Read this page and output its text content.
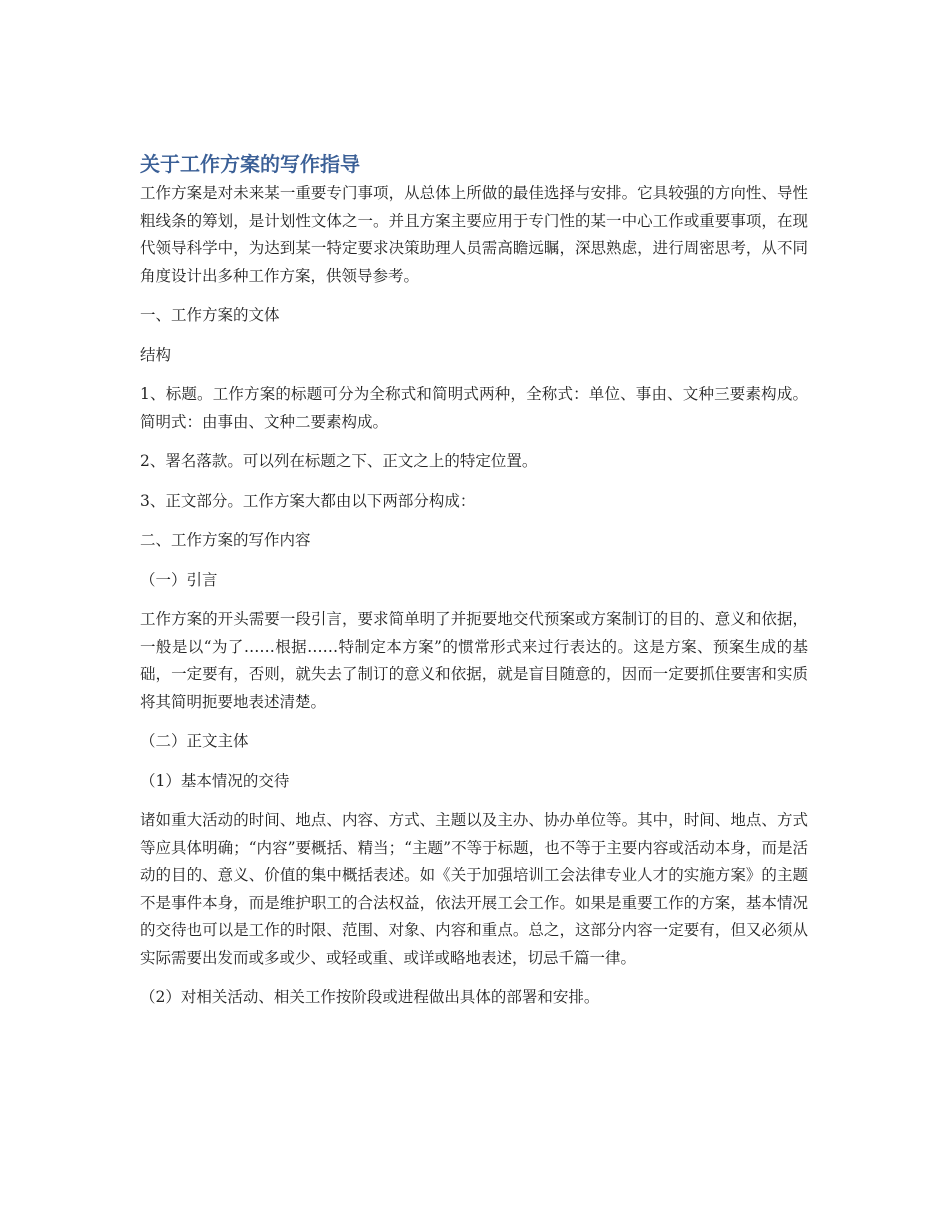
关于工作方案的写作指导

工作方案是对未来某一重要专门事项，从总体上所做的最佳选择与安排。它具较强的方向性、导性粗线条的筹划，是计划性文体之一。并且方案主要应用于专门性的某一中心工作或重要事项，在现代领导科学中，为达到某一特定要求决策助理人员需高瞻远瞩，深思熟虑，进行周密思考，从不同角度设计出多种工作方案，供领导参考。

一、工作方案的文体

结构

1、标题。工作方案的标题可分为全称式和简明式两种，全称式：单位、事由、文种三要素构成。简明式：由事由、文种二要素构成。

2、署名落款。可以列在标题之下、正文之上的特定位置。

3、正文部分。工作方案大都由以下两部分构成：

二、工作方案的写作内容

（一）引言

工作方案的开头需要一段引言，要求简单明了并扼要地交代预案或方案制订的目的、意义和依据，一般是以“为了……根据……特制定本方案”的惯常形式来过行表达的。这是方案、预案生成的基础，一定要有，否则，就失去了制订的意义和依据，就是盲目随意的，因而一定要抓住要害和实质将其简明扼要地表述清楚。

（二）正文主体

（1）基本情况的交待

诸如重大活动的时间、地点、内容、方式、主题以及主办、协办单位等。其中，时间、地点、方式等应具体明确；“内容”要概括、精当；“主题”不等于标题，也不等于主要内容或活动本身，而是活动的目的、意义、价值的集中概括表述。如《关于加强培训工会法律专业人才的实施方案》的主题不是事件本身，而是维护职工的合法权益，依法开展工会工作。如果是重要工作的方案，基本情况的交待也可以是工作的时限、范围、对象、内容和重点。总之，这部分内容一定要有，但又必须从实际需要出发而或多或少、或轻或重、或详或略地表述，切忌千篇一律。

（2）对相关活动、相关工作按阶段或进程做出具体的部署和安排。
